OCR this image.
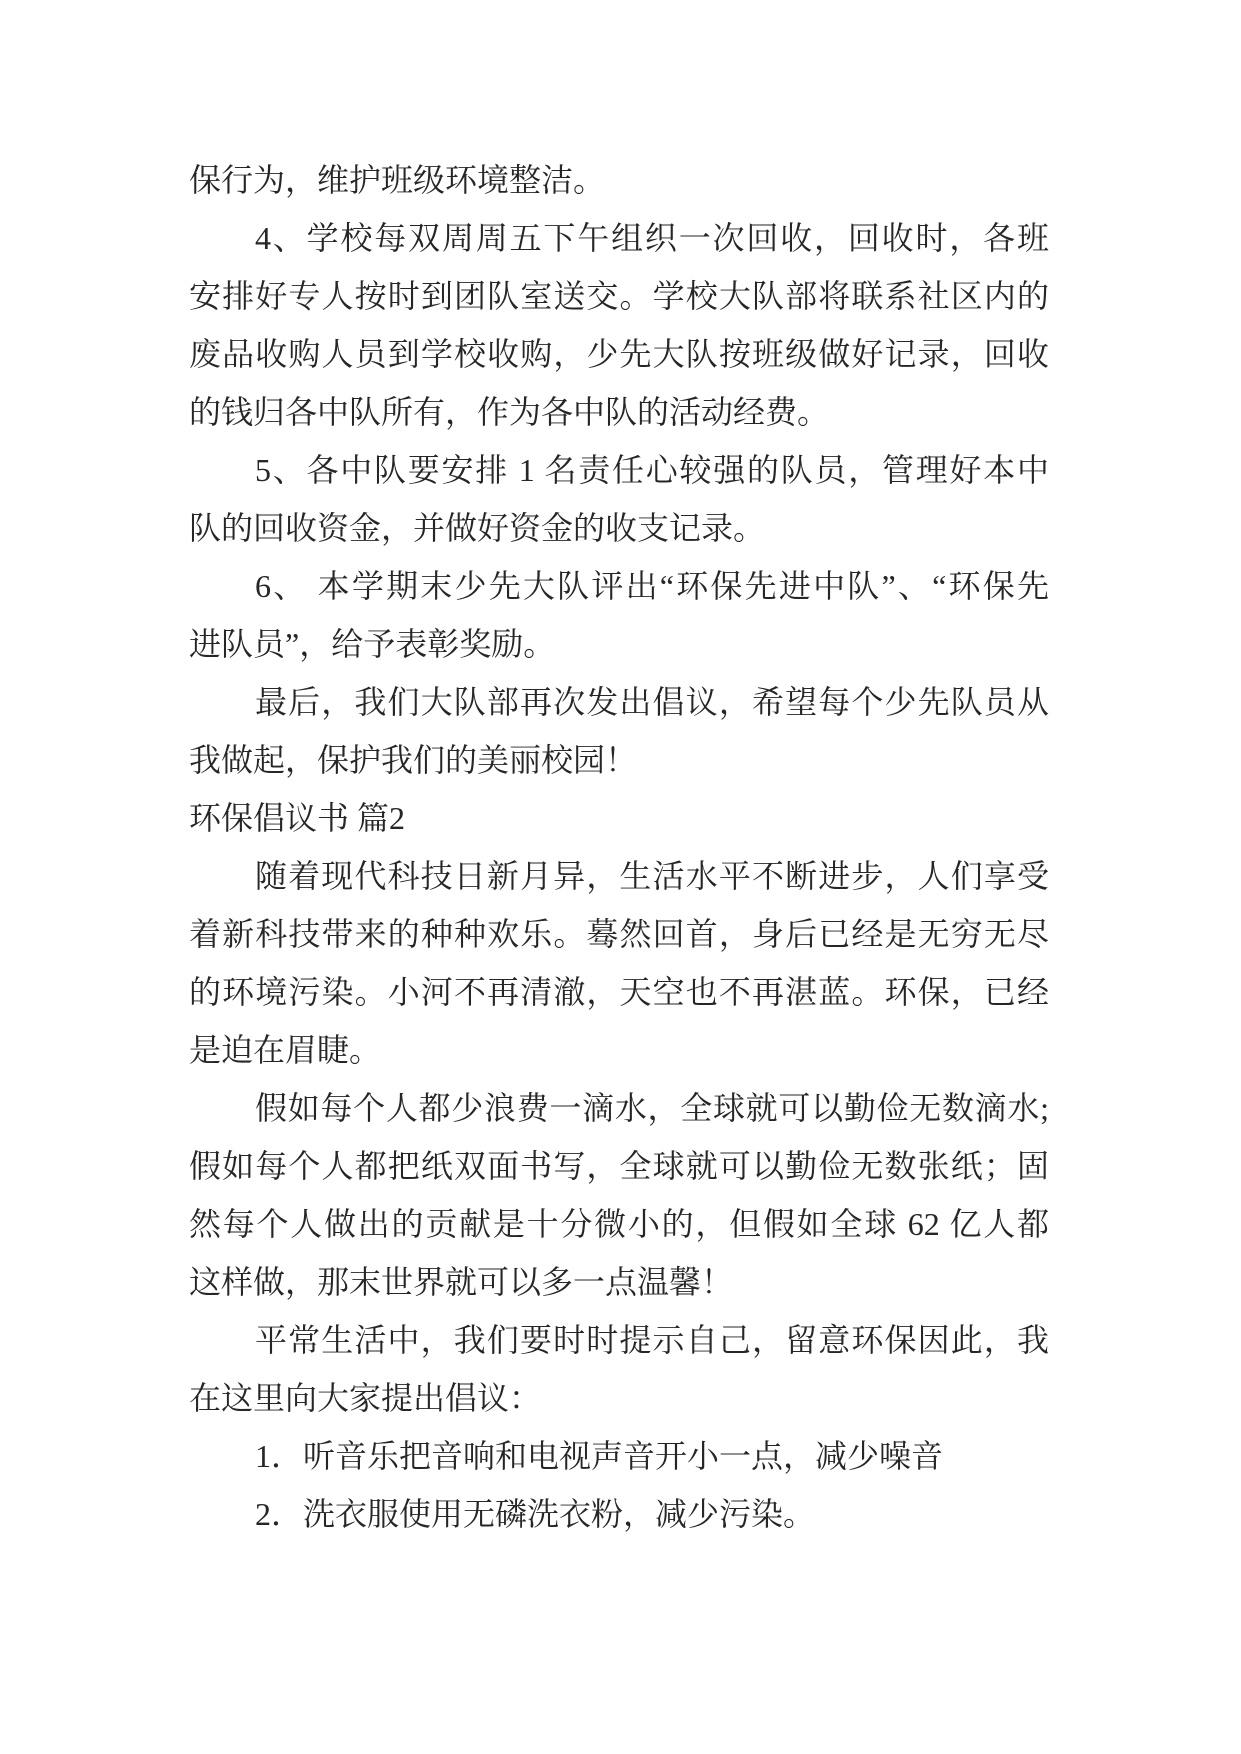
保行为，维护班级环境整洁。

4、学校每双周周五下午组织一次回收，回收时，各班

安排好专人按时到团队室送交。学校大队部将联系社区内的

废品收购人员到学校收购，少先大队按班级做好记录，回收

的钱归各中队所有，作为各中队的活动经费。

5、各中队要安排 1 名责任心较强的队员，管理好本中

队的回收资金，并做好资金的收支记录。

6、 本学期末少先大队评出“环保先进中队”、“环保先

进队员”，给予表彰奖励。

最后，我们大队部再次发出倡议，希望每个少先队员从

我做起，保护我们的美丽校园！

环保倡议书 篇2

随着现代科技日新月异，生活水平不断进步，人们享受

着新科技带来的种种欢乐。蓦然回首，身后已经是无穷无尽

的环境污染。小河不再清澈，天空也不再湛蓝。环保，已经

是迫在眉睫。

假如每个人都少浪费一滴水，全球就可以勤俭无数滴水;

假如每个人都把纸双面书写，全球就可以勤俭无数张纸；固

然每个人做出的贡献是十分微小的，但假如全球 62 亿人都

这样做，那末世界就可以多一点温馨！

平常生活中，我们要时时提示自己，留意环保因此，我

在这里向大家提出倡议：

1．听音乐把音响和电视声音开小一点，减少噪音

2．洗衣服使用无磷洗衣粉，减少污染。
